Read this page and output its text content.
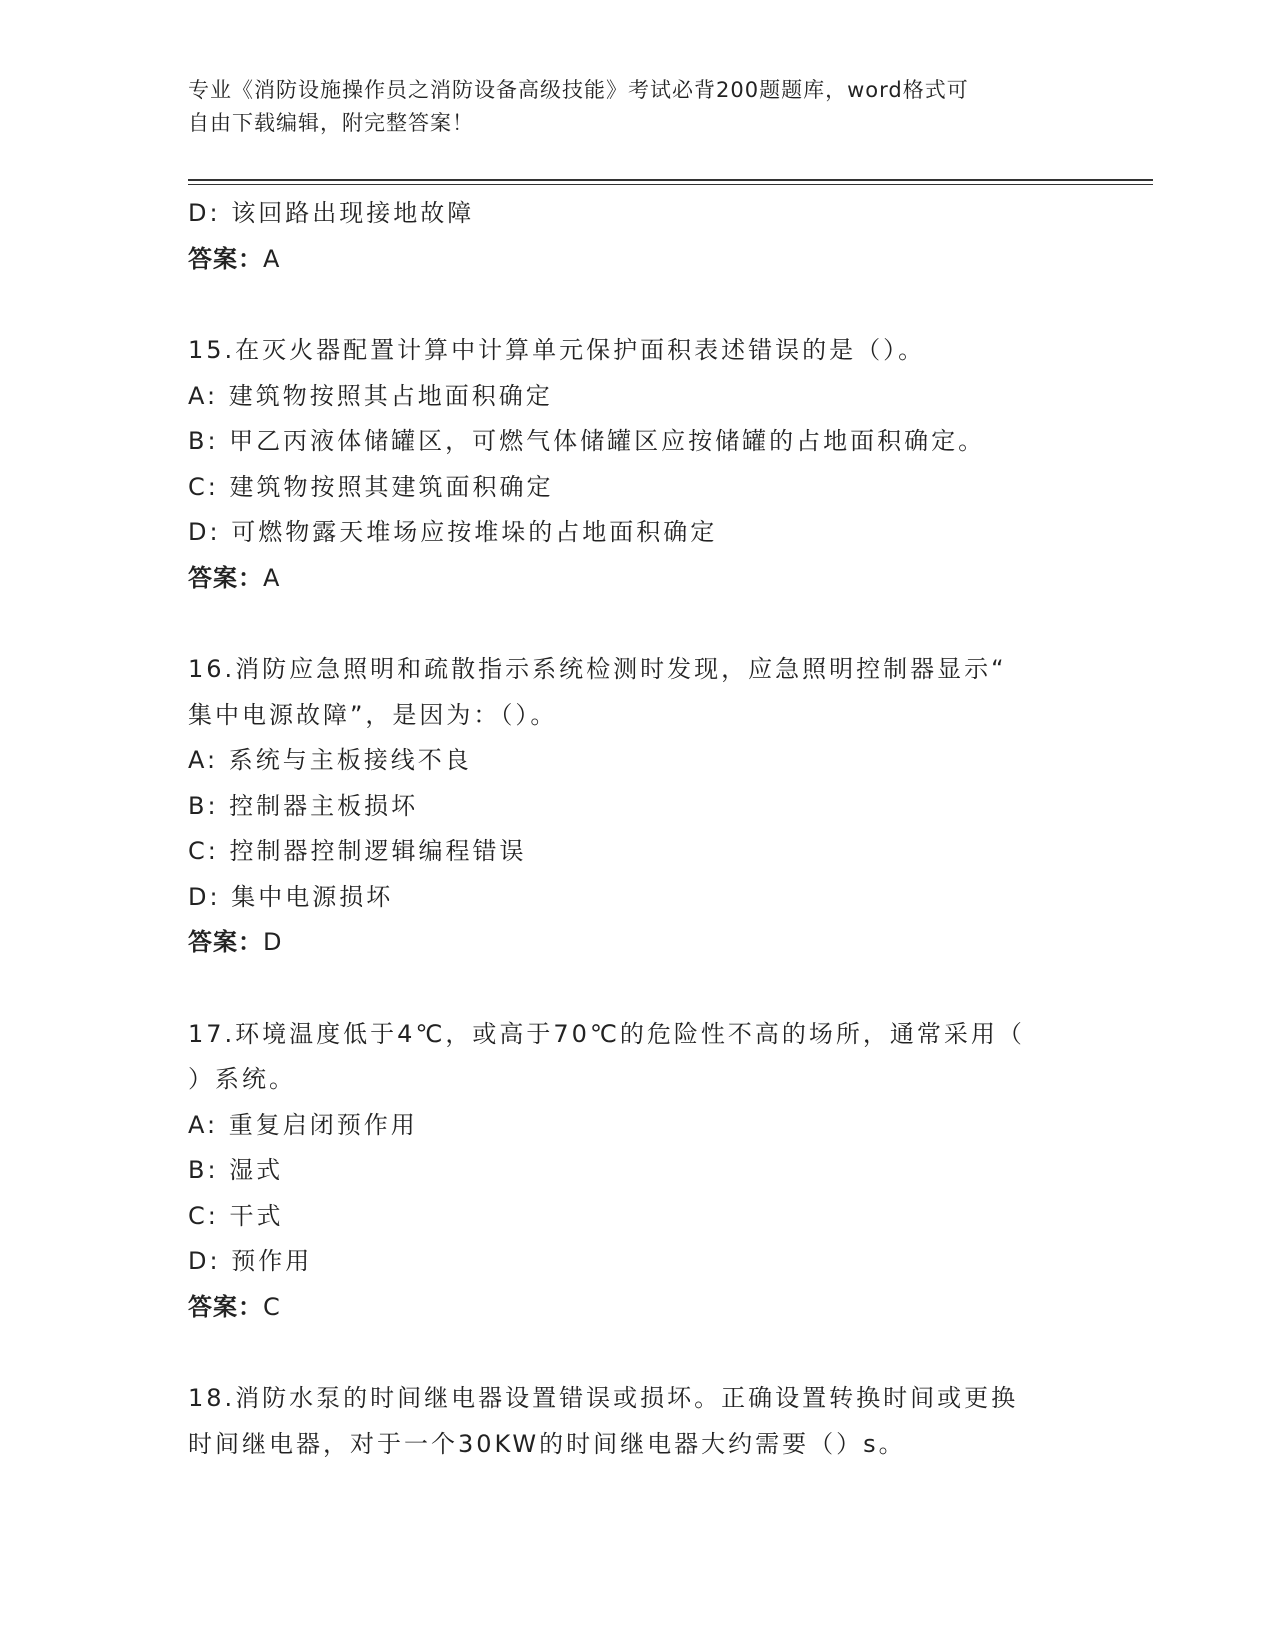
专业《消防设施操作员之消防设备高级技能》考试必背200题题库，word格式可
自由下载编辑，附完整答案！
D: 该回路出现接地故障
答案：A
15.在灭火器配置计算中计算单元保护面积表述错误的是（）。
A: 建筑物按照其占地面积确定
B: 甲乙丙液体储罐区，可燃气体储罐区应按储罐的占地面积确定。
C: 建筑物按照其建筑面积确定
D: 可燃物露天堆场应按堆垛的占地面积确定
答案：A
16.消防应急照明和疏散指示系统检测时发现，应急照明控制器显示“
集中电源故障”，是因为：（）。
A: 系统与主板接线不良
B: 控制器主板损坏
C: 控制器控制逻辑编程错误
D: 集中电源损坏
答案：D
17.环境温度低于4℃，或高于70℃的危险性不高的场所，通常采用（
）系统。
A: 重复启闭预作用
B: 湿式
C: 干式
D: 预作用
答案：C
18.消防水泵的时间继电器设置错误或损坏。正确设置转换时间或更换
时间继电器，对于一个30KW的时间继电器大约需要（）s。
